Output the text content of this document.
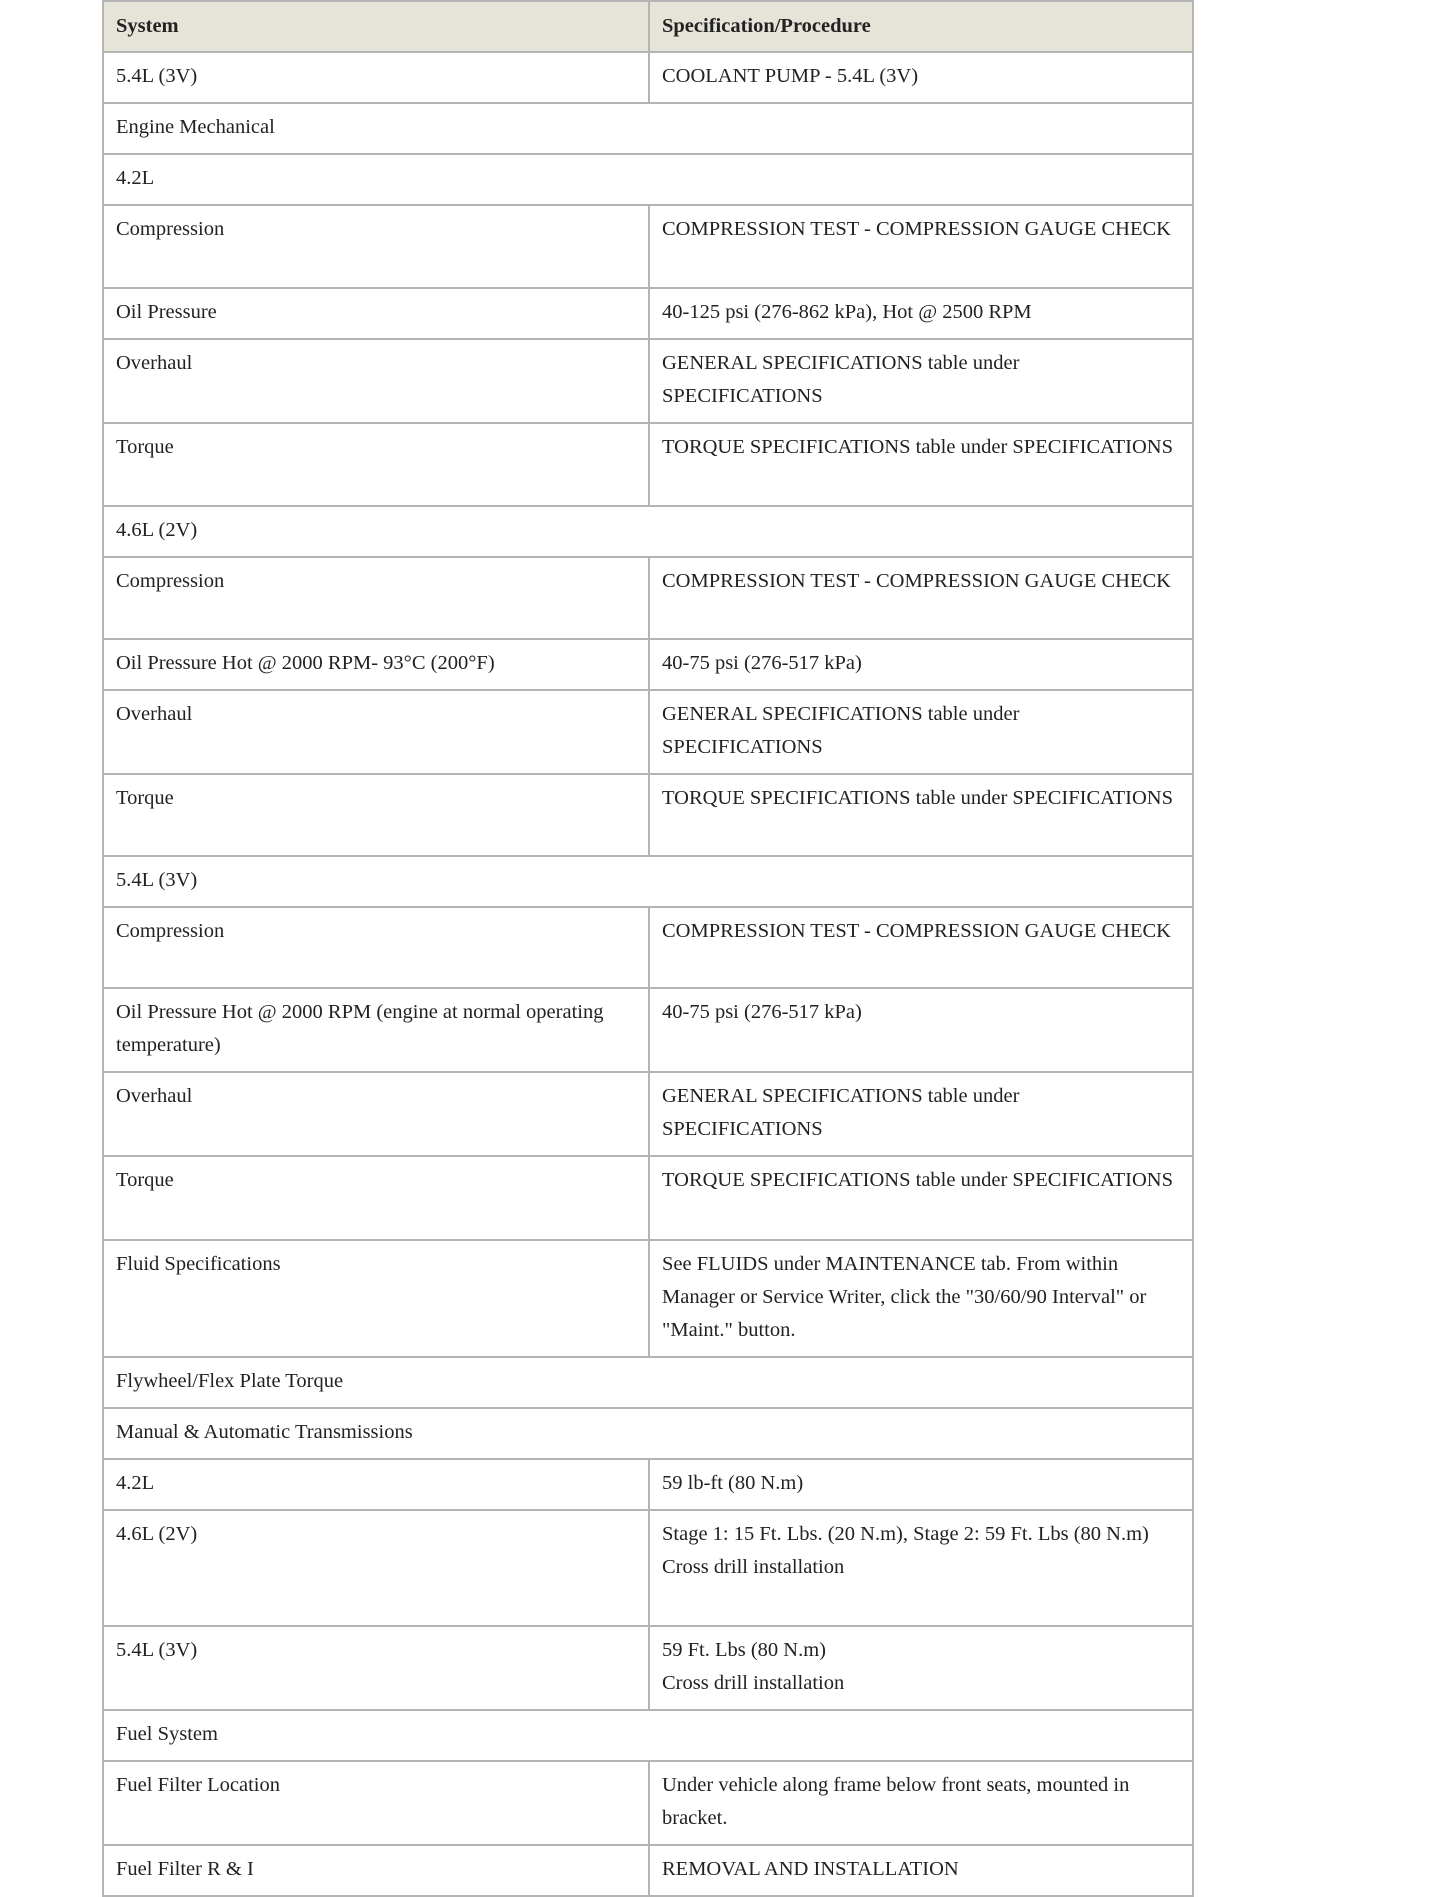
System	Specification/Procedure
5.4L (3V)	COOLANT PUMP - 5.4L (3V)

Engine Mechanical	
4.2L	
Compression	COMPRESSION TEST - COMPRESSION GAUGE CHECK

Oil Pressure	40-125 psi (276-862 kPa), Hot @ 2500 RPM

Overhaul	GENERAL SPECIFICATIONS table under SPECIFICATIONS

Torque	TORQUE SPECIFICATIONS table under SPECIFICATIONS

4.6L (2V)	
Compression	COMPRESSION TEST - COMPRESSION GAUGE CHECK

Oil Pressure Hot @ 2000 RPM- 93°C (200°F)	40-75 psi (276-517 kPa)

Overhaul	GENERAL SPECIFICATIONS table under SPECIFICATIONS

Torque	TORQUE SPECIFICATIONS table under SPECIFICATIONS

5.4L (3V)	
Compression	COMPRESSION TEST - COMPRESSION GAUGE CHECK

Oil Pressure Hot @ 2000 RPM (engine at normal operating temperature)	40-75 psi (276-517 kPa)

Overhaul	GENERAL SPECIFICATIONS table under SPECIFICATIONS

Torque	TORQUE SPECIFICATIONS table under SPECIFICATIONS

Fluid Specifications	See FLUIDS under MAINTENANCE tab. From within Manager or Service Writer, click the "30/60/90 Interval" or "Maint." button.

Flywheel/Flex Plate Torque	
Manual & Automatic Transmissions	
4.2L	59 lb-ft (80 N.m)

4.6L (2V)	Stage 1: 15 Ft. Lbs. (20 N.m), Stage 2: 59 Ft. Lbs (80 N.m)
Cross drill installation

5.4L (3V)	59 Ft. Lbs (80 N.m)
Cross drill installation

Fuel System	
Fuel Filter Location	Under vehicle along frame below front seats, mounted in bracket.

Fuel Filter R & I	REMOVAL AND INSTALLATION
